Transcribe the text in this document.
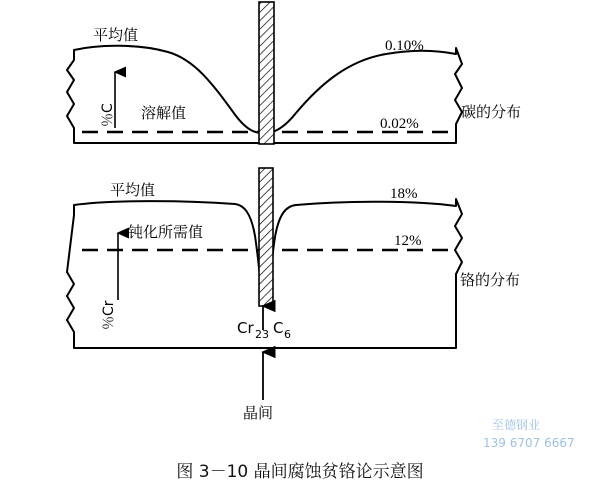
平均值
溶解值
0.10%
0.02%
碳的分布
％C
平均值
钝化所需值
18%
12%
铬的分布
％Cr	Cr 23 C 6
晶间
至德钢业
139 6707 6667
图 3－10 晶间腐蚀贫铬论示意图
